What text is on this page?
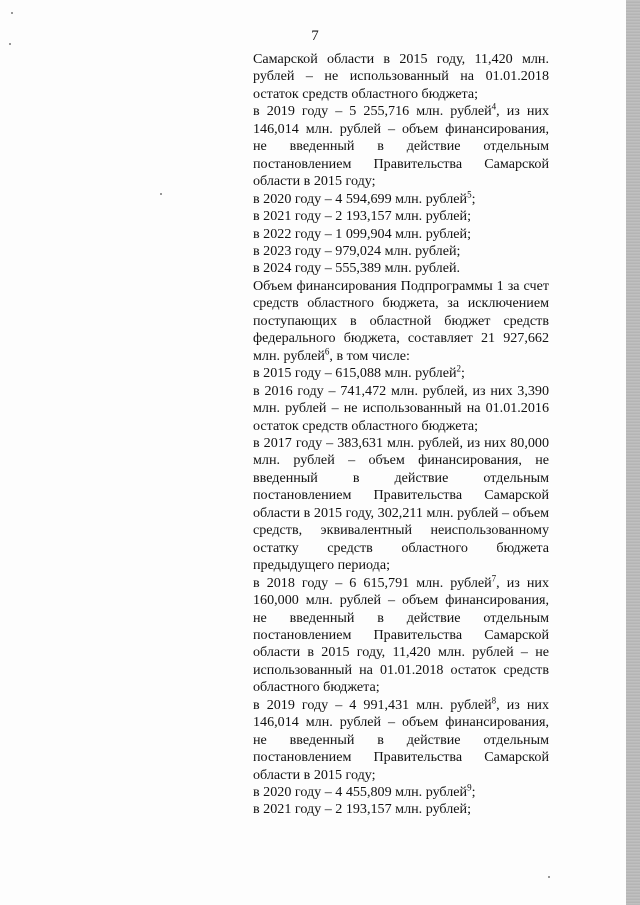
7

Самарской области в 2015 году, 11,420 млн. рублей – не использованный на 01.01.2018 остаток средств областного бюджета;

в 2019 году – 5 255,716 млн. рублей$^4$, из них 146,014 млн. рублей – объем финансирования, не введенный в действие отдельным постановлением Правительства Самарской области в 2015 году;

в 2020 году – 4 594,699 млн. рублей$^5$;

в 2021 году – 2 193,157 млн. рублей;

в 2022 году – 1 099,904 млн. рублей;

в 2023 году – 979,024 млн. рублей;

в 2024 году – 555,389 млн. рублей.

Объем финансирования Подпрограммы 1 за счет средств областного бюджета, за исключением поступающих в областной бюджет средств федерального бюджета, составляет 21 927,662 млн. рублей$^6$, в том числе:

в 2015 году – 615,088 млн. рублей$^2$;

в 2016 году – 741,472 млн. рублей, из них 3,390 млн. рублей – не использованный на 01.01.2016 остаток средств областного бюджета;

в 2017 году – 383,631 млн. рублей, из них 80,000 млн. рублей – объем финансирования, не введенный в действие отдельным постановлением Правительства Самарской области в 2015 году, 302,211 млн. рублей – объем средств, эквивалентный неиспользованному остатку средств областного бюджета предыдущего периода;

в 2018 году – 6 615,791 млн. рублей$^7$, из них 160,000 млн. рублей – объем финансирования, не введенный в действие отдельным постановлением Правительства Самарской области в 2015 году, 11,420 млн. рублей – не использованный на 01.01.2018 остаток средств областного бюджета;

в 2019 году – 4 991,431 млн. рублей$^8$, из них 146,014 млн. рублей – объем финансирования, не введенный в действие отдельным постановлением Правительства Самарской области в 2015 году;

в 2020 году – 4 455,809 млн. рублей$^9$;

в 2021 году – 2 193,157 млн. рублей;
